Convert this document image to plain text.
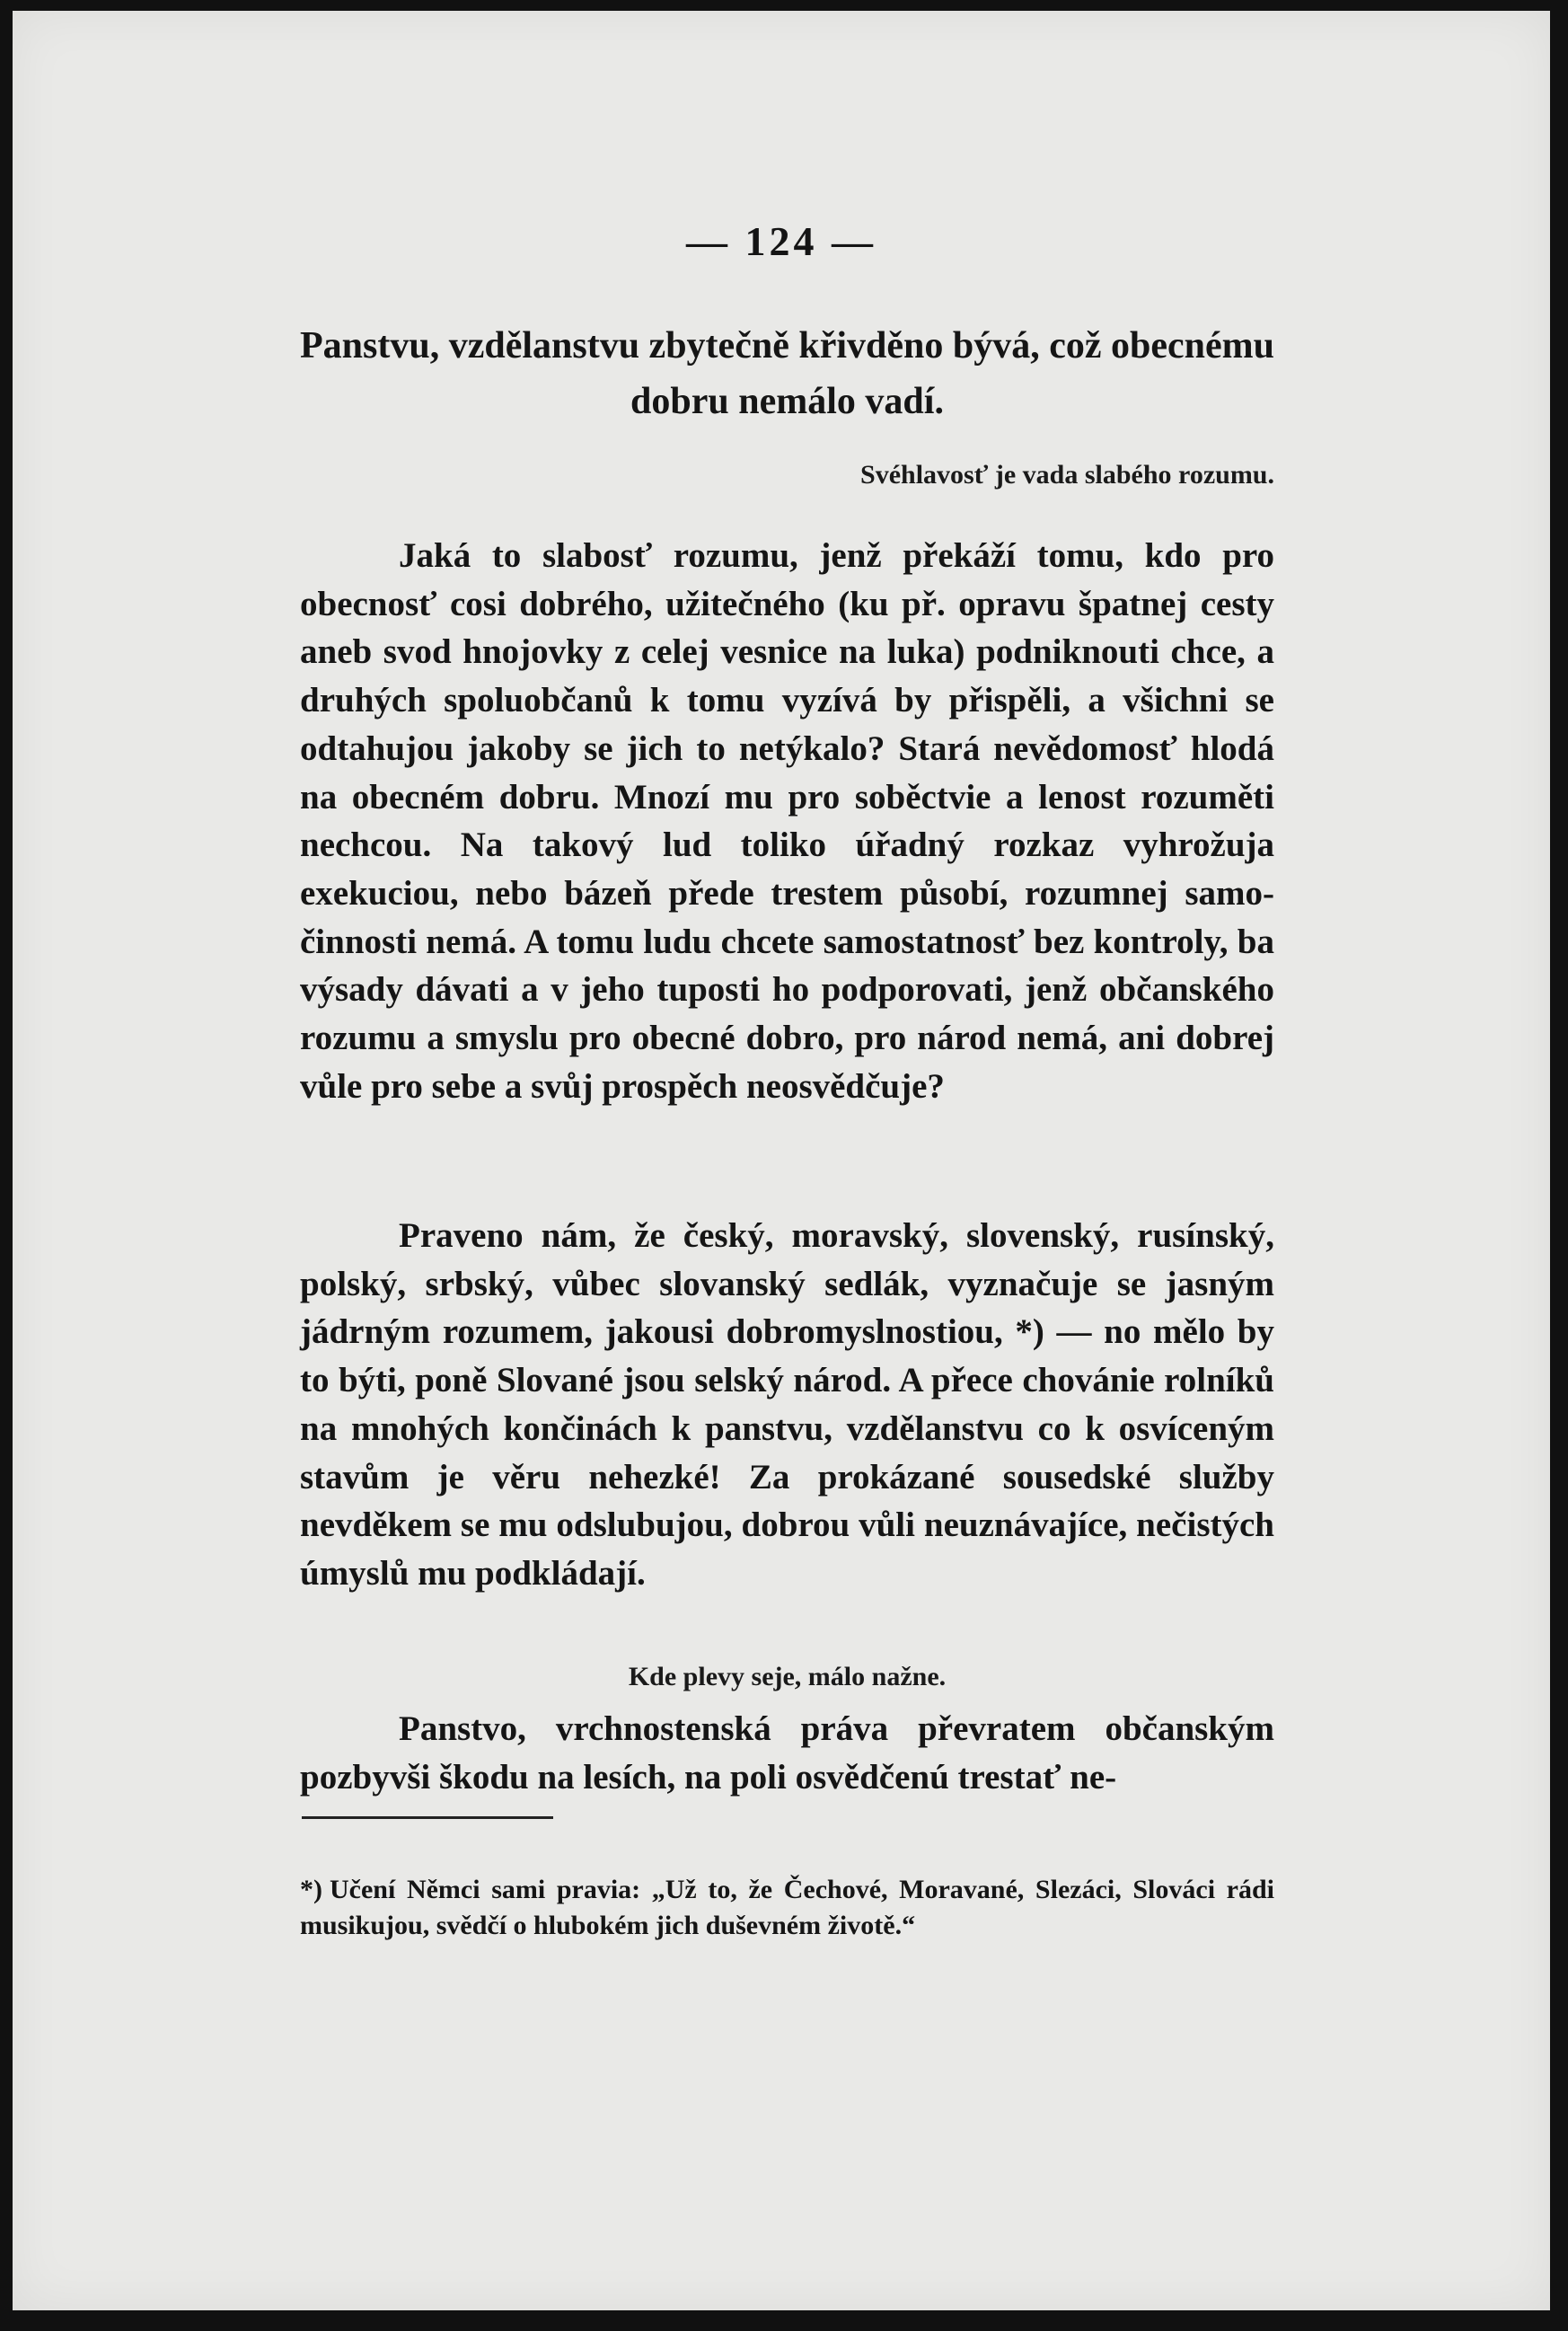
— 124 —
Panstvu, vzdělanstvu zbytečně křivděno bývá, což obecnému dobru nemálo vadí.
Svéhlavosť je vada slabého rozumu.

Jaká to slabosť rozumu, jenž překáží tomu, kdo pro obecnosť cosi dobrého, užitečného (ku př. opravu špatnej cesty aneb svod hnojovky z celej vesnice na luka) podniknouti chce, a druhých spoluobčanů k tomu vyzívá by přispěli, a všichni se odtahujou jakoby se jich to netýkalo? Stará nevědomosť hlodá na obecném dobru. Mnozí mu pro soběctvie a lenost rozuměti nechcou. Na takový lud toliko úřadný rozkaz vyhrožuja exekuciou, nebo bázeň přede trestem působí, rozumnej samo-činnosti nemá. A tomu ludu chcete samostatnosť bez kontroly, ba výsady dávati a v jeho tuposti ho podporovati, jenž občanského rozumu a smyslu pro obecné dobro, pro národ nemá, ani dobrej vůle pro sebe a svůj prospěch neosvědčuje?

Praveno nám, že český, moravský, slovenský, rusínský, polský, srbský, vůbec slovanský sedlák, vyznačuje se jasným jádrným rozumem, jakousi dobromyslnostiou, *) — no mělo by to býti, poně Slované jsou selský národ. A přece chovánie rolníků na mnohých končinách k panstvu, vzdělanstvu co k osvíceným stavům je věru nehezké! Za prokázané sousedské služby nevděkem se mu odslubujou, dobrou vůli neuznávajíce, nečistých úmyslů mu podkládají.

Kde plevy seje, málo nažne.

Panstvo, vrchnostenská práva převratem občanským pozbyvši škodu na lesích, na poli osvědčenú trestať ne-

*) Učení Němci sami pravia: „Už to, že Čechové, Moravané, Slezáci, Slováci rádi musikujou, svědčí o hlubokém jich duševném životě.“
